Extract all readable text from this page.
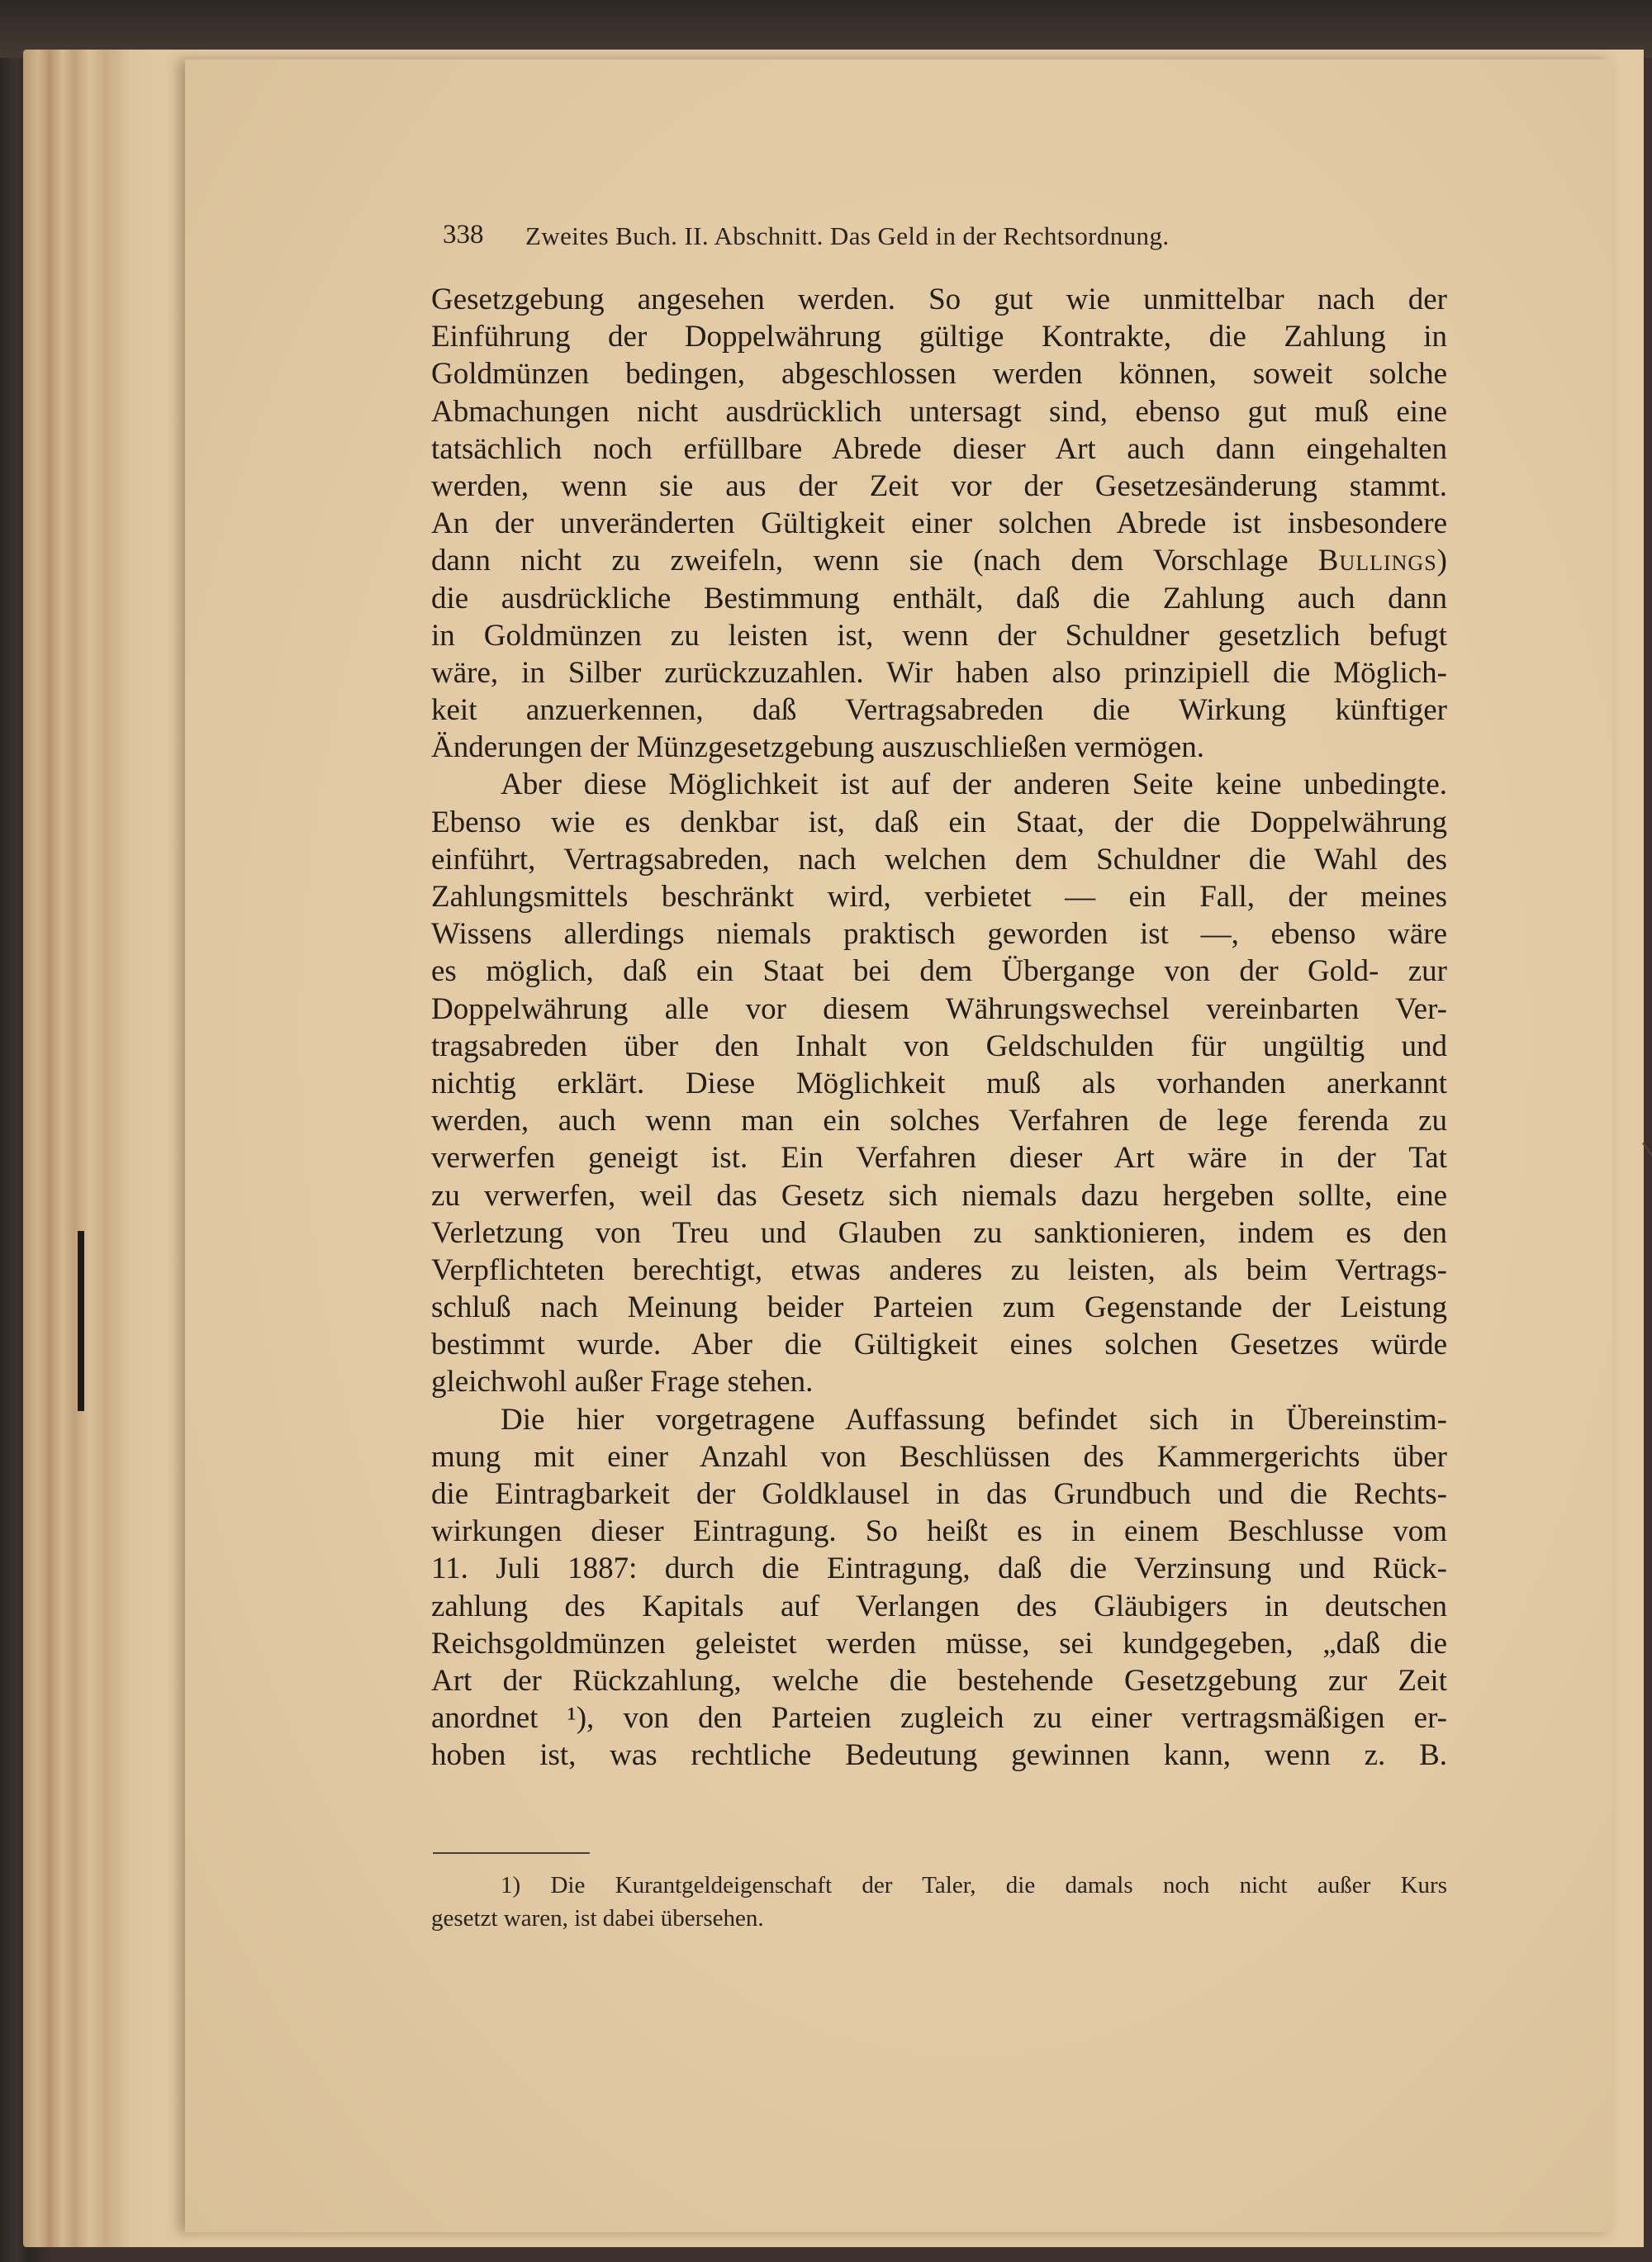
338 Zweites Buch. II. Abschnitt. Das Geld in der Rechtsordnung.
Gesetzgebung angesehen werden. So gut wie unmittelbar nach der
Einführung der Doppelwährung gültige Kontrakte, die Zahlung in
Goldmünzen bedingen, abgeschlossen werden können, soweit solche
Abmachungen nicht ausdrücklich untersagt sind, ebenso gut muß eine
tatsächlich noch erfüllbare Abrede dieser Art auch dann eingehalten
werden, wenn sie aus der Zeit vor der Gesetzesänderung stammt.
An der unveränderten Gültigkeit einer solchen Abrede ist insbesondere
dann nicht zu zweifeln, wenn sie (nach dem Vorschlage Bullings)
die ausdrückliche Bestimmung enthält, daß die Zahlung auch dann
in Goldmünzen zu leisten ist, wenn der Schuldner gesetzlich befugt
wäre, in Silber zurückzuzahlen. Wir haben also prinzipiell die Möglich-
keit anzuerkennen, daß Vertragsabreden die Wirkung künftiger
Änderungen der Münzgesetzgebung auszuschließen vermögen.
Aber diese Möglichkeit ist auf der anderen Seite keine unbedingte.
Ebenso wie es denkbar ist, daß ein Staat, der die Doppelwährung
einführt, Vertragsabreden, nach welchen dem Schuldner die Wahl des
Zahlungsmittels beschränkt wird, verbietet — ein Fall, der meines
Wissens allerdings niemals praktisch geworden ist —, ebenso wäre
es möglich, daß ein Staat bei dem Übergange von der Gold- zur
Doppelwährung alle vor diesem Währungswechsel vereinbarten Ver-
tragsabreden über den Inhalt von Geldschulden für ungültig und
nichtig erklärt. Diese Möglichkeit muß als vorhanden anerkannt
werden, auch wenn man ein solches Verfahren de lege ferenda zu
verwerfen geneigt ist. Ein Verfahren dieser Art wäre in der Tat
zu verwerfen, weil das Gesetz sich niemals dazu hergeben sollte, eine
Verletzung von Treu und Glauben zu sanktionieren, indem es den
Verpflichteten berechtigt, etwas anderes zu leisten, als beim Vertrags-
schluß nach Meinung beider Parteien zum Gegenstande der Leistung
bestimmt wurde. Aber die Gültigkeit eines solchen Gesetzes würde
gleichwohl außer Frage stehen.
Die hier vorgetragene Auffassung befindet sich in Übereinstim-
mung mit einer Anzahl von Beschlüssen des Kammergerichts über
die Eintragbarkeit der Goldklausel in das Grundbuch und die Rechts-
wirkungen dieser Eintragung. So heißt es in einem Beschlusse vom
11. Juli 1887: durch die Eintragung, daß die Verzinsung und Rück-
zahlung des Kapitals auf Verlangen des Gläubigers in deutschen
Reichsgoldmünzen geleistet werden müsse, sei kundgegeben, „daß die
Art der Rückzahlung, welche die bestehende Gesetzgebung zur Zeit
anordnet ¹), von den Parteien zugleich zu einer vertragsmäßigen er-
hoben ist, was rechtliche Bedeutung gewinnen kann, wenn z. B.
1) Die Kurantgeldeigenschaft der Taler, die damals noch nicht außer Kurs
gesetzt waren, ist dabei übersehen.
